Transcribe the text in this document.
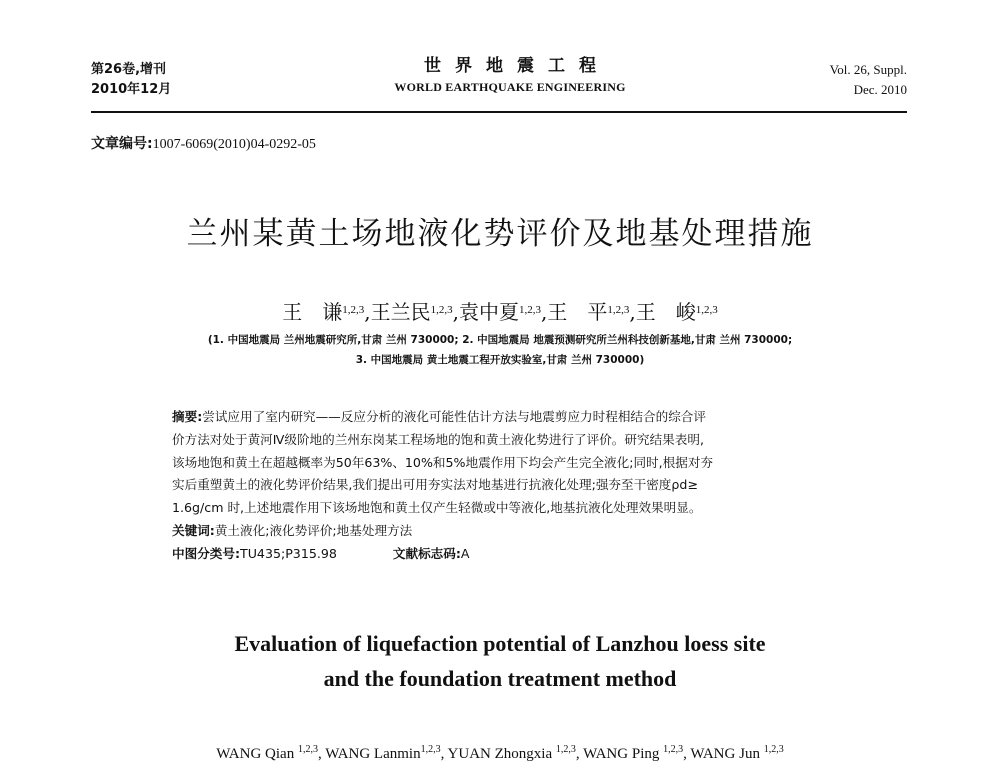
第26卷,增刊
2010年12月
世界地震工程
WORLD EARTHQUAKE ENGINEERING
Vol. 26, Suppl.
Dec. 2010
文章编号:1007-6069(2010)04-0292-05
兰州某黄土场地液化势评价及地基处理措施
王　谦$^{1,2,3}$,王兰民$^{1,2,3}$,袁中夏$^{1,2,3}$,王　平$^{1,2,3}$,王　峻$^{1,2,3}$
(1. 中国地震局 兰州地震研究所,甘肃 兰州 730000; 2. 中国地震局 地震预测研究所兰州科技创新基地,甘肃 兰州 730000;
3. 中国地震局 黄土地震工程开放实验室,甘肃 兰州 730000)
摘要:尝试应用了室内研究——反应分析的液化可能性估计方法与地震剪应力时程相结合的综合评
价方法对处于黄河Ⅳ级阶地的兰州东岗某工程场地的饱和黄土液化势进行了评价。研究结果表明,
该场地饱和黄土在超越概率为50年63%、10%和5%地震作用下均会产生完全液化;同时,根据对夯
实后重塑黄土的液化势评价结果,我们提出可用夯实法对地基进行抗液化处理;强夯至干密度ρd≥
1.6g/cm 时,上述地震作用下该场地饱和黄土仅产生轻微或中等液化,地基抗液化处理效果明显。
关键词:黄土液化;液化势评价;地基处理方法
中图分类号:TU435;P315.98	文献标志码:A
Evaluation of liquefaction potential of Lanzhou loess site
and the foundation treatment method
WANG Qian $^{1,2,3}$, WANG Lanmin$^{1,2,3}$, YUAN Zhongxia $^{1,2,3}$, WANG Ping $^{1,2,3}$, WANG Jun $^{1,2,3}$
